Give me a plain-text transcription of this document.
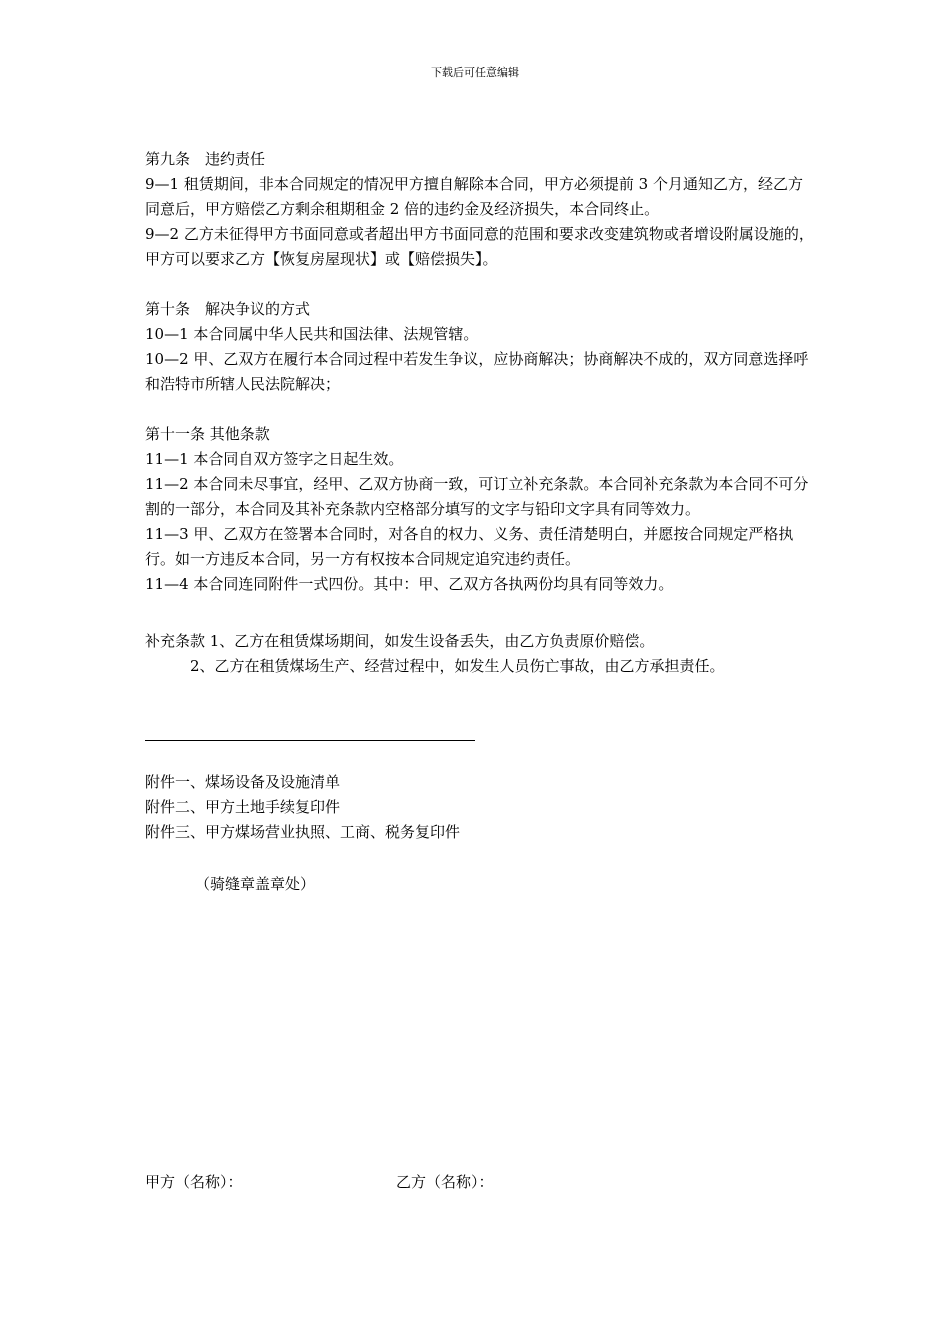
下载后可任意编辑
第九条　违约责任
9—1 租赁期间，非本合同规定的情况甲方擅自解除本合同，甲方必须提前 3 个月通知乙方，经乙方同意后，甲方赔偿乙方剩余租期租金 2 倍的违约金及经济损失，本合同终止。
9—2 乙方未征得甲方书面同意或者超出甲方书面同意的范围和要求改变建筑物或者增设附属设施的，甲方可以要求乙方【恢复房屋现状】或【赔偿损失】。
第十条　解决争议的方式
10—1 本合同属中华人民共和国法律、法规管辖。
10—2 甲、乙双方在履行本合同过程中若发生争议，应协商解决；协商解决不成的，双方同意选择呼和浩特市所辖人民法院解决；
第十一条 其他条款
11—1 本合同自双方签字之日起生效。
11—2 本合同未尽事宜，经甲、乙双方协商一致，可订立补充条款。本合同补充条款为本合同不可分割的一部分，本合同及其补充条款内空格部分填写的文字与铅印文字具有同等效力。
11—3 甲、乙双方在签署本合同时，对各自的权力、义务、责任清楚明白，并愿按合同规定严格执行。如一方违反本合同，另一方有权按本合同规定追究违约责任。
11—4 本合同连同附件一式四份。其中：甲、乙双方各执两份均具有同等效力。
补充条款 1、乙方在租赁煤场期间，如发生设备丢失，由乙方负责原价赔偿。
2、乙方在租赁煤场生产、经营过程中，如发生人员伤亡事故，由乙方承担责任。
附件一、煤场设备及设施清单
附件二、甲方土地手续复印件
附件三、甲方煤场营业执照、工商、税务复印件
（骑缝章盖章处）
甲方（名称）：	乙方（名称）：
